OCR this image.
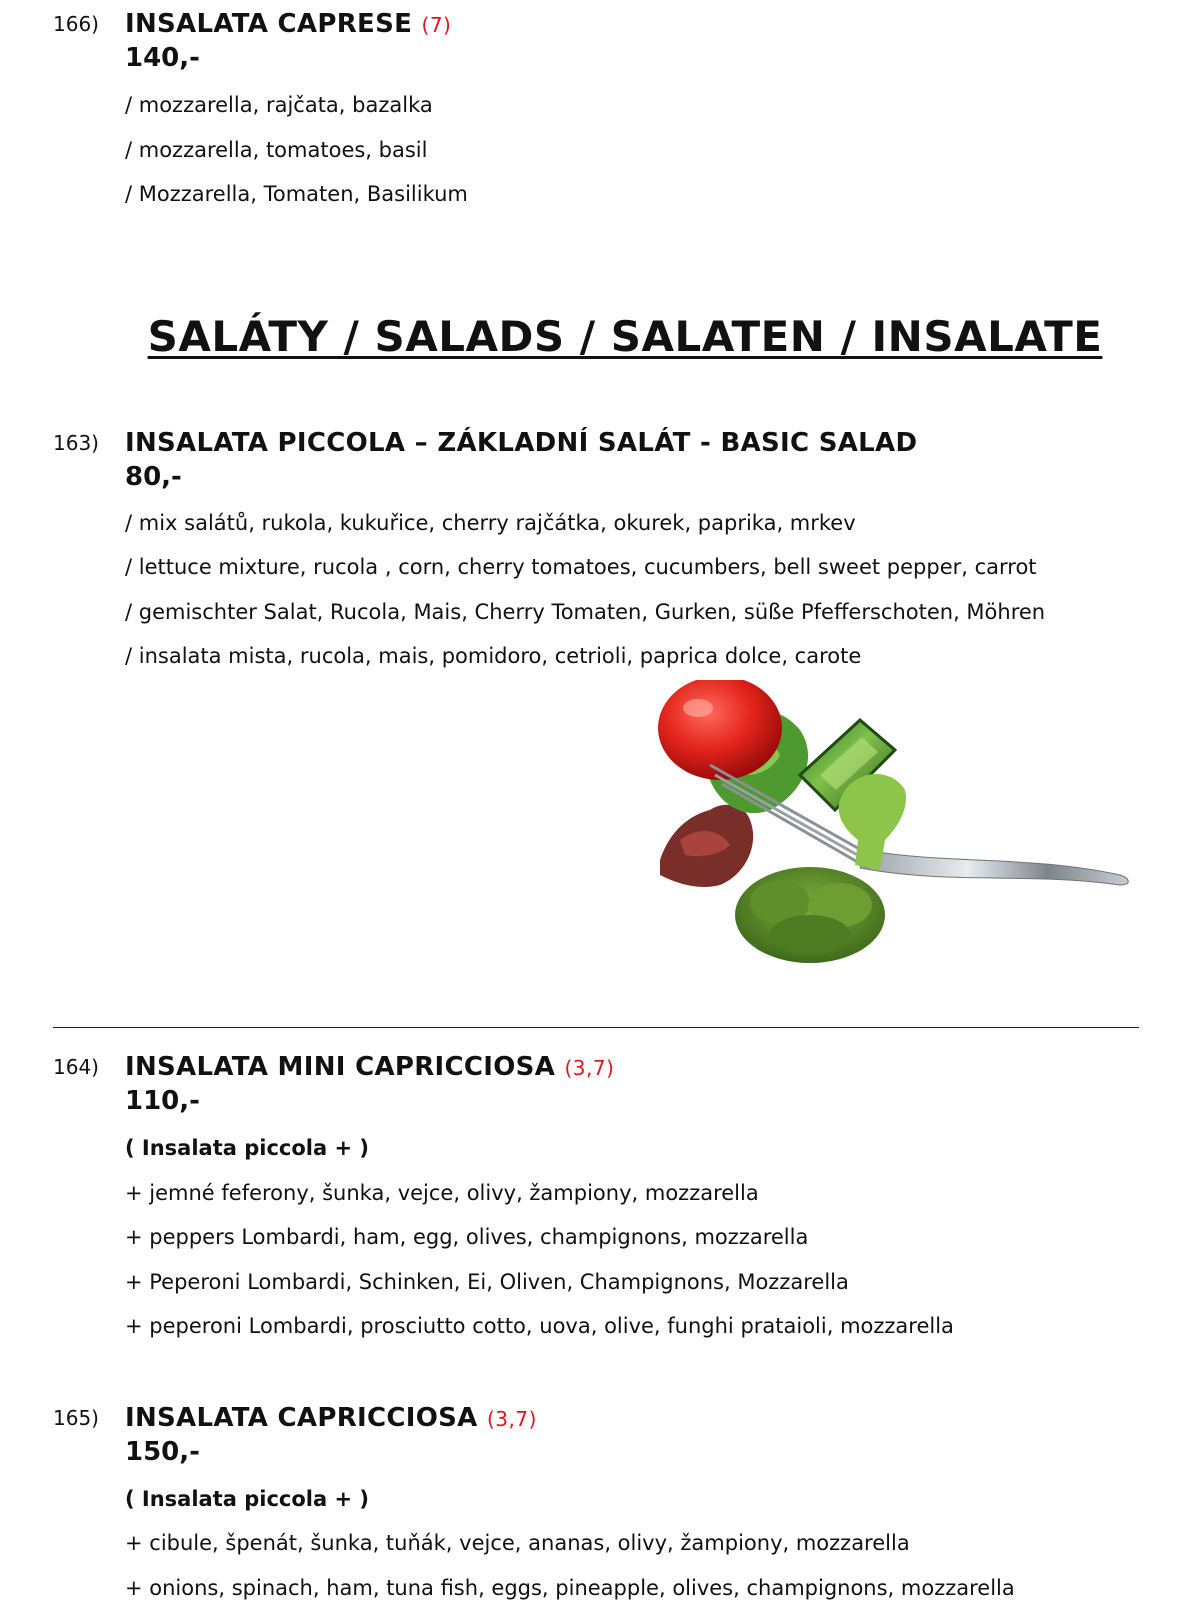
166) INSALATA CAPRESE (7)
140,-
/ mozzarella, rajčata, bazalka
/ mozzarella, tomatoes, basil
/ Mozzarella, Tomaten, Basilikum
SALÁTY / SALADS / SALATEN / INSALATE
163) INSALATA PICCOLA – ZÁKLADNÍ SALÁT - BASIC SALAD
80,-
/ mix salátů, rukola, kukuřice, cherry rajčátka, okurek, paprika, mrkev
/ lettuce mixture, rucola , corn, cherry tomatoes, cucumbers, bell sweet pepper, carrot
/ gemischter Salat, Rucola, Mais, Cherry Tomaten, Gurken, süße Pfefferschoten, Möhren
/ insalata mista, rucola, mais, pomidoro, cetrioli, paprica dolce, carote
164) INSALATA MINI CAPRICCIOSA (3,7)
110,-
( Insalata piccola + )
+ jemné feferony, šunka, vejce, olivy, žampiony, mozzarella
+ peppers Lombardi, ham, egg, olives, champignons, mozzarella
+ Peperoni Lombardi, Schinken, Ei, Oliven, Champignons, Mozzarella
+ peperoni Lombardi, prosciutto cotto, uova, olive, funghi prataioli, mozzarella
165) INSALATA CAPRICCIOSA (3,7)
150,-
( Insalata piccola + )
+ cibule, špenát, šunka, tuňák, vejce, ananas, olivy, žampiony, mozzarella
+ onions, spinach, ham, tuna fish, eggs, pineapple, olives, champignons, mozzarella
